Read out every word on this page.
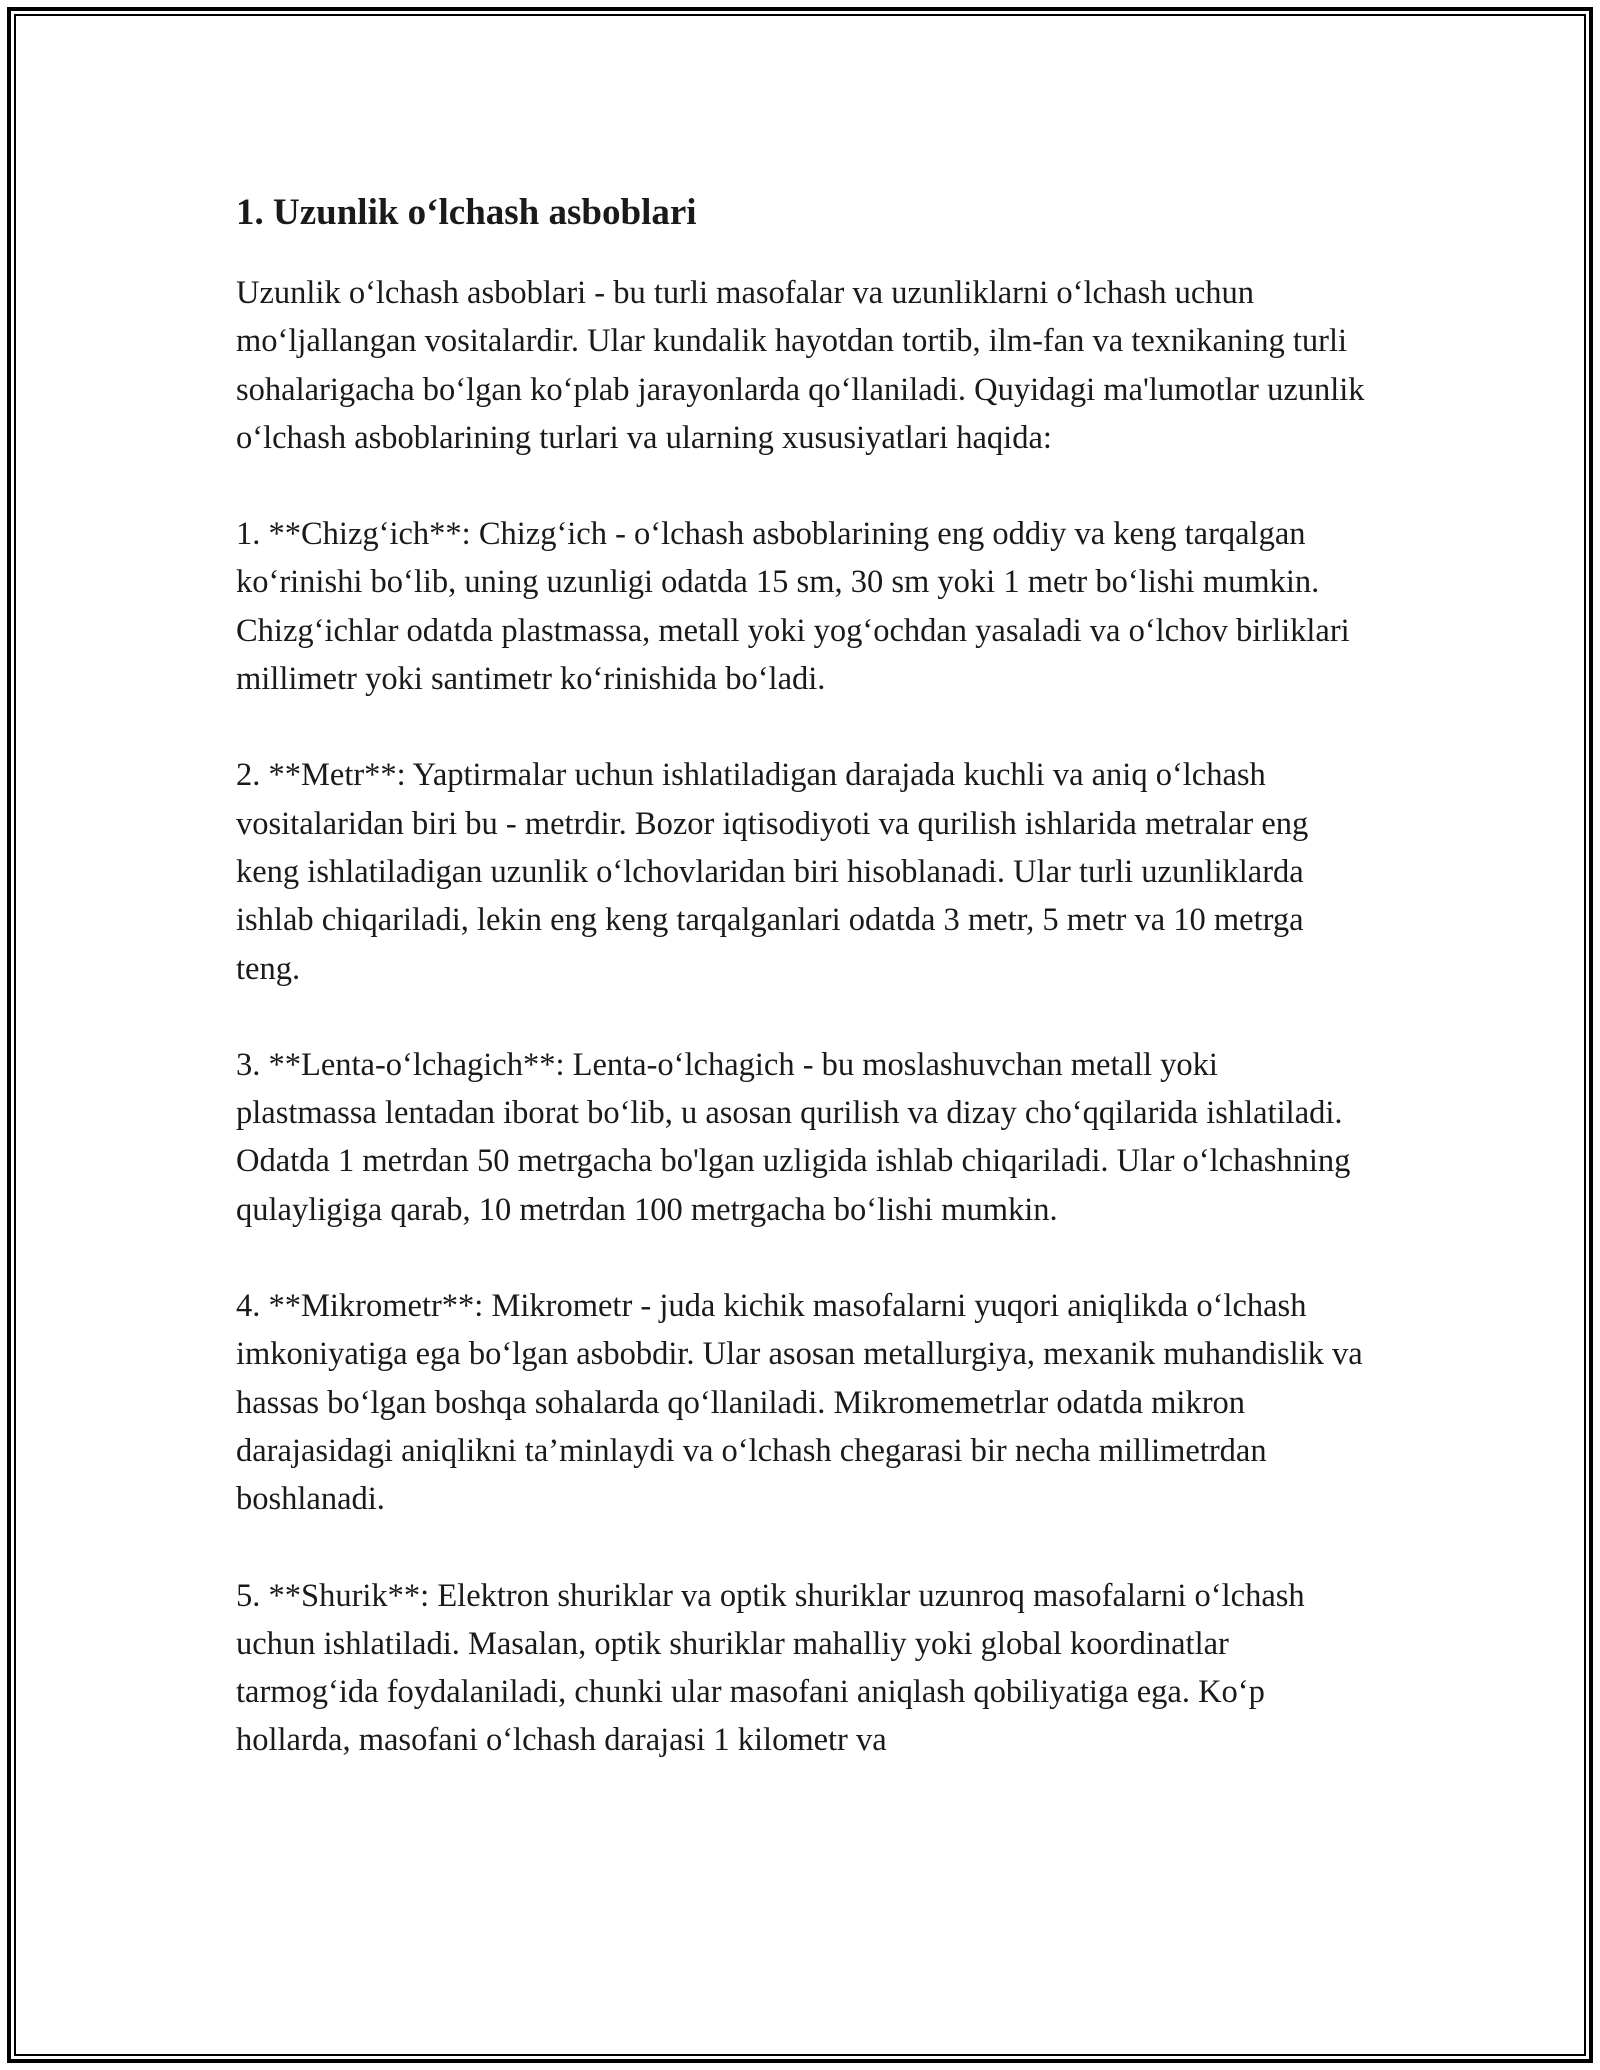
1. Uzunlik o‘lchash asboblari

Uzunlik o‘lchash asboblari - bu turli masofalar va uzunliklarni o‘lchash uchun mo‘ljallangan vositalardir. Ular kundalik hayotdan tortib, ilm-fan va texnikaning turli sohalarigacha bo‘lgan ko‘plab jarayonlarda qo‘llaniladi. Quyidagi ma'lumotlar uzunlik o‘lchash asboblarining turlari va ularning xususiyatlari haqida:

1. **Chizg‘ich**: Chizg‘ich - o‘lchash asboblarining eng oddiy va keng tarqalgan ko‘rinishi bo‘lib, uning uzunligi odatda 15 sm, 30 sm yoki 1 metr bo‘lishi mumkin. Chizg‘ichlar odatda plastmassa, metall yoki yog‘ochdan yasaladi va o‘lchov birliklari millimetr yoki santimetr ko‘rinishida bo‘ladi.

2. **Metr**: Yaptirmalar uchun ishlatiladigan darajada kuchli va aniq o‘lchash vositalaridan biri bu - metrdir. Bozor iqtisodiyoti va qurilish ishlarida metralar eng keng ishlatiladigan uzunlik o‘lchovlaridan biri hisoblanadi. Ular turli uzunliklarda ishlab chiqariladi, lekin eng keng tarqalganlari odatda 3 metr, 5 metr va 10 metrga teng.

3. **Lenta-o‘lchagich**: Lenta-o‘lchagich - bu moslashuvchan metall yoki plastmassa lentadan iborat bo‘lib, u asosan qurilish va dizay cho‘qqilarida ishlatiladi. Odatda 1 metrdan 50 metrgacha bo'lgan uzligida ishlab chiqariladi. Ular o‘lchashning qulayligiga qarab, 10 metrdan 100 metrgacha bo‘lishi mumkin.

4. **Mikrometr**: Mikrometr - juda kichik masofalarni yuqori aniqlikda o‘lchash imkoniyatiga ega bo‘lgan asbobdir. Ular asosan metallurgiya, mexanik muhandislik va hassas bo‘lgan boshqa sohalarda qo‘llaniladi. Mikromemetrlar odatda mikron darajasidagi aniqlikni ta’minlaydi va o‘lchash chegarasi bir necha millimetrdan boshlanadi.

5. **Shurik**: Elektron shuriklar va optik shuriklar uzunroq masofalarni o‘lchash uchun ishlatiladi. Masalan, optik shuriklar mahalliy yoki global koordinatlar tarmog‘ida foydalaniladi, chunki ular masofani aniqlash qobiliyatiga ega. Ko‘p hollarda, masofani o‘lchash darajasi 1 kilometr va
